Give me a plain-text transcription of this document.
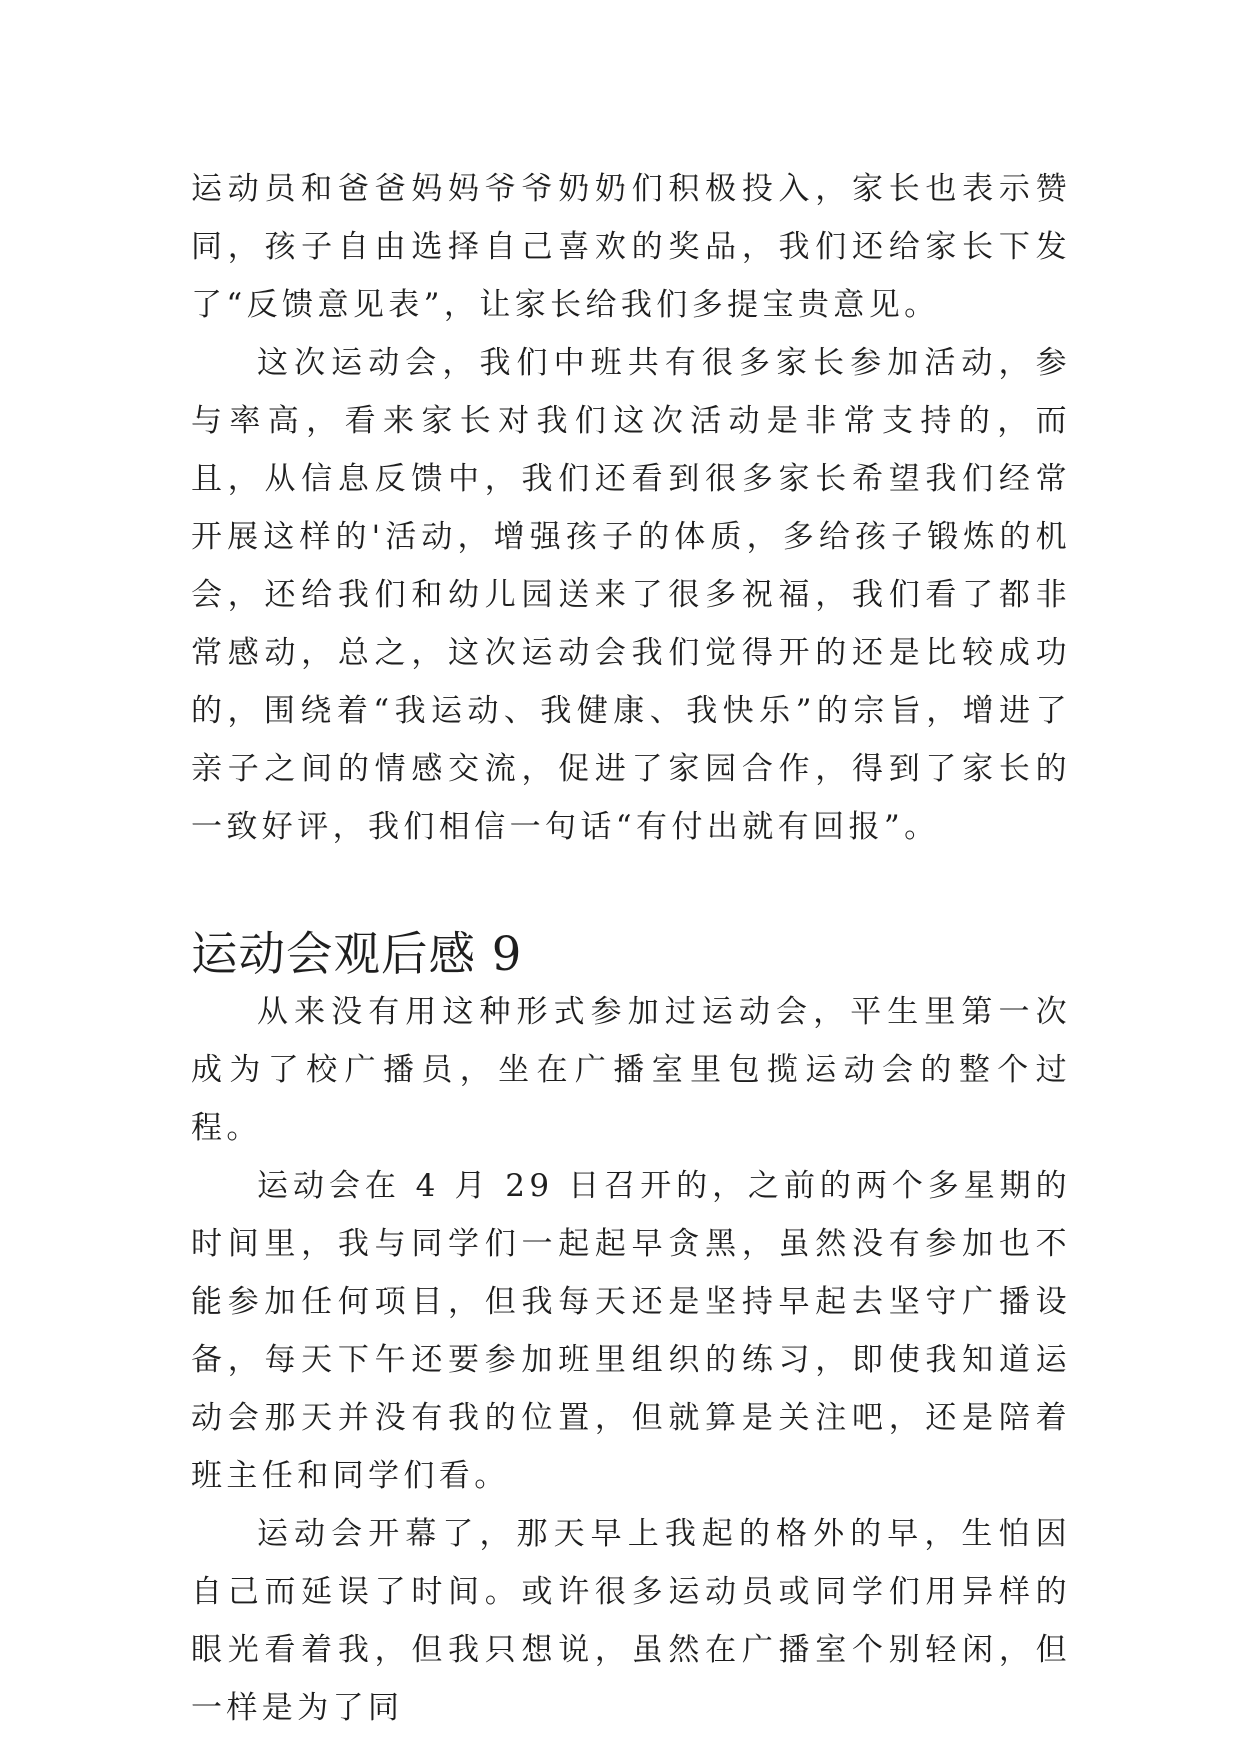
运动员和爸爸妈妈爷爷奶奶们积极投入，家长也表示赞同，孩子自由选择自己喜欢的奖品，我们还给家长下发了“反馈意见表”，让家长给我们多提宝贵意见。

这次运动会，我们中班共有很多家长参加活动，参与率高，看来家长对我们这次活动是非常支持的，而且，从信息反馈中，我们还看到很多家长希望我们经常开展这样的'活动，增强孩子的体质，多给孩子锻炼的机会，还给我们和幼儿园送来了很多祝福，我们看了都非常感动，总之，这次运动会我们觉得开的还是比较成功的，围绕着“我运动、我健康、我快乐”的宗旨，增进了亲子之间的情感交流，促进了家园合作，得到了家长的一致好评，我们相信一句话“有付出就有回报”。

运动会观后感 9

从来没有用这种形式参加过运动会，平生里第一次成为了校广播员，坐在广播室里包揽运动会的整个过程。

运动会在 4 月 29 日召开的，之前的两个多星期的时间里，我与同学们一起起早贪黑，虽然没有参加也不能参加任何项目，但我每天还是坚持早起去坚守广播设备，每天下午还要参加班里组织的练习，即使我知道运动会那天并没有我的位置，但就算是关注吧，还是陪着班主任和同学们看。

运动会开幕了，那天早上我起的格外的早，生怕因自己而延误了时间。或许很多运动员或同学们用异样的眼光看着我，但我只想说，虽然在广播室个别轻闲，但一样是为了同
